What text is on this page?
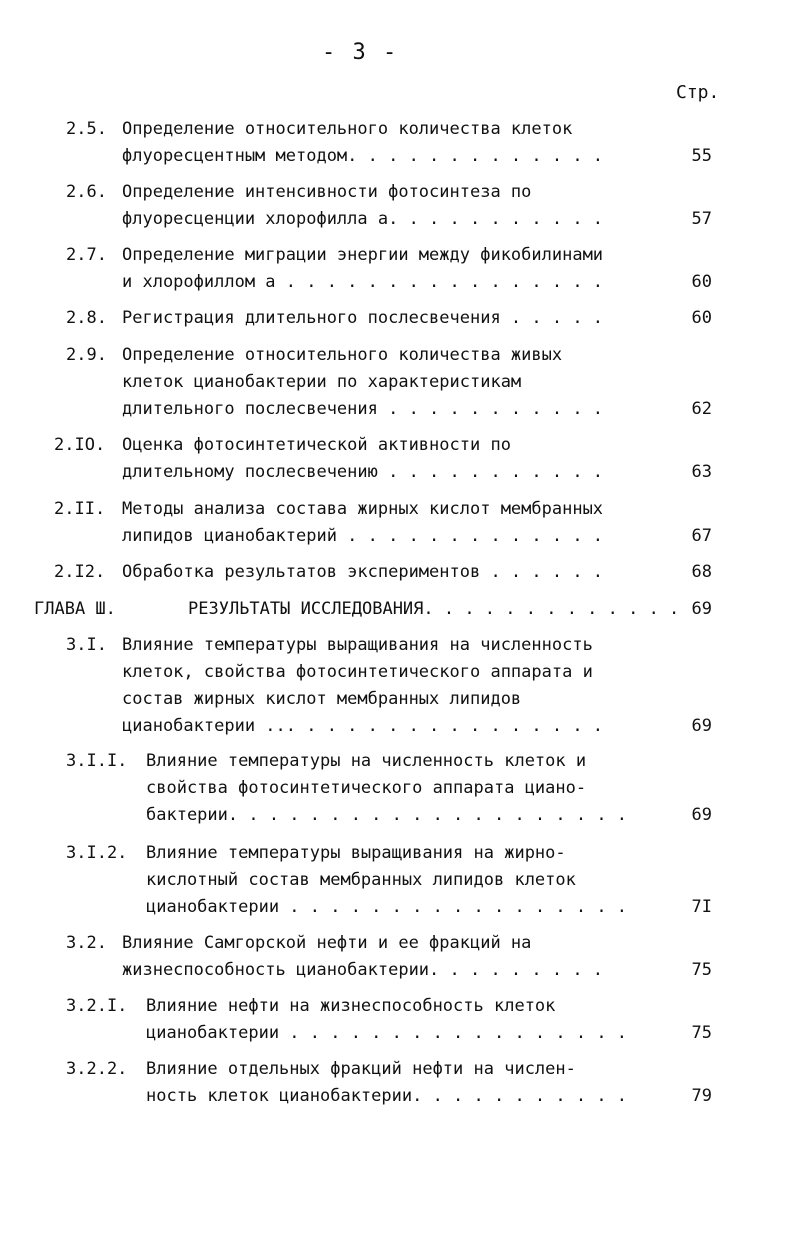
- 3 -
Стр.
2.5. Определение относительного количества клеток
флуоресцентным методом. . . . . . . . . . . . .	55
2.6. Определение интенсивности фотосинтеза по
флуоресценции хлорофилла a. . . . . . . . . . .	57
2.7. Определение миграции энергии между фикобилинами
и хлорофиллом a . . . . . . . . . . . . . . . .	60
2.8. Регистрация длительного послесвечения . . . . .	60
2.9. Определение относительного количества живых
клеток цианобактерии по характеристикам
длительного послесвечения . . . . . . . . . . .	62
2.IO. Оценка фотосинтетической активности по
длительному послесвечению . . . . . . . . . . .	63
2.II. Методы анализа состава жирных кислот мембранных
липидов цианобактерий . . . . . . . . . . . . .	67
2.I2. Обработка результатов экспериментов . . . . . .	68
ГЛАВА Ш.	РЕЗУЛЬТАТЫ ИССЛЕДОВАНИЯ. . . . . . . . . . . . . 69
3.I. Влияние температуры выращивания на численность
клеток, свойства фотосинтетического аппарата и
состав жирных кислот мембранных липидов
цианобактерии ... . . . . . . . . . . . . . . .	69
3.I.I. Влияние температуры на численность клеток и
свойства фотосинтетического аппарата циано-
бактерии. . . . . . . . . . . . . . . . . . . .	69
3.I.2. Влияние температуры выращивания на жирно-
кислотный состав мембранных липидов клеток
цианобактерии . . . . . . . . . . . . . . . . .	7I
3.2. Влияние Самгорской нефти и ее фракций на
жизнеспособность цианобактерии. . . . . . . . .	75
3.2.I. Влияние нефти на жизнеспособность клеток
цианобактерии . . . . . . . . . . . . . . . . .	75
3.2.2. Влияние отдельных фракций нефти на числен-
ность клеток цианобактерии. . . . . . . . . . .	79
